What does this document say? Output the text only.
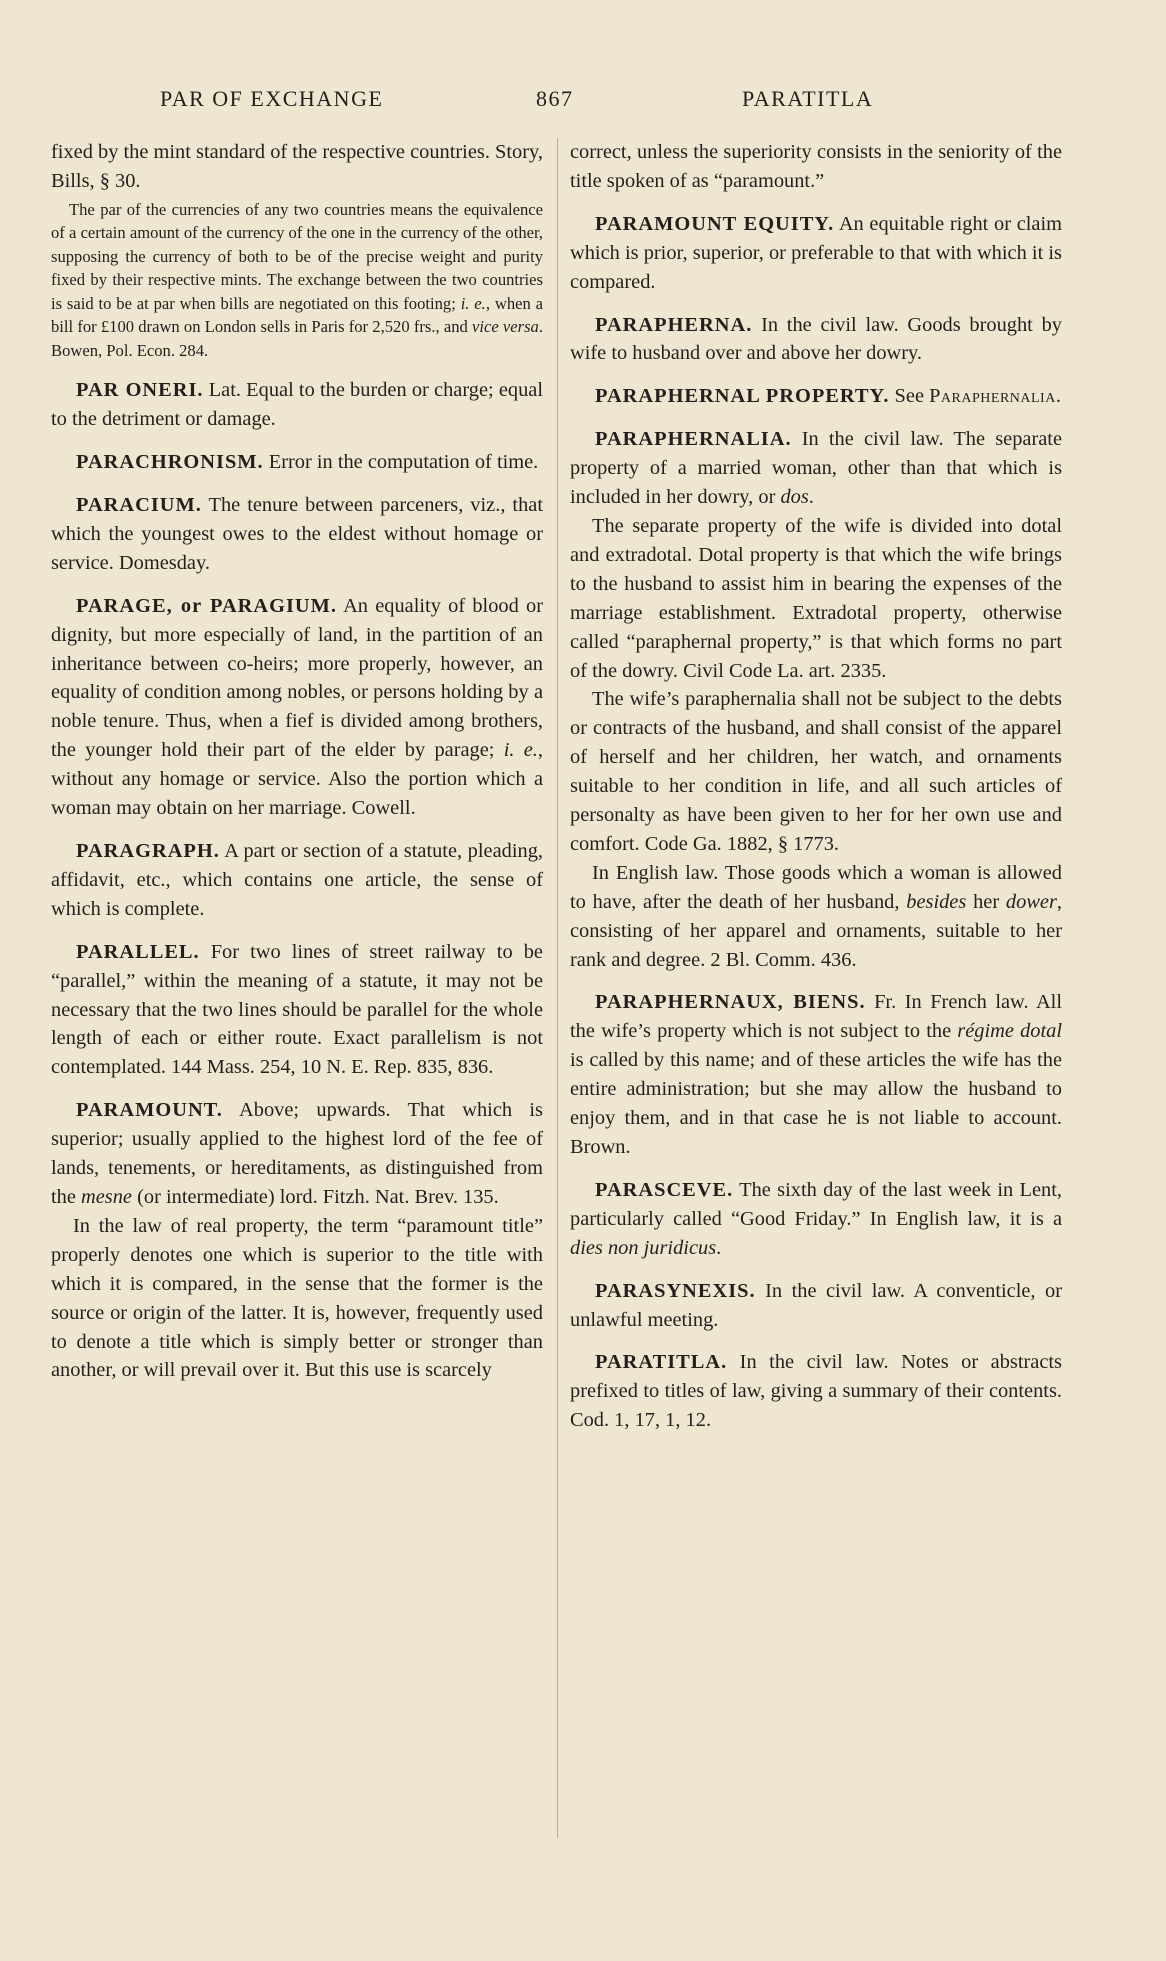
PAR OF EXCHANGE	867	PARATITLA

fixed by the mint standard of the respective countries. Story, Bills, § 30.

The par of the currencies of any two countries means the equivalence of a certain amount of the currency of the one in the currency of the other, supposing the currency of both to be of the precise weight and purity fixed by their respective mints. The exchange between the two countries is said to be at par when bills are negotiated on this footing; i. e., when a bill for £100 drawn on London sells in Paris for 2,520 frs., and vice versa. Bowen, Pol. Econ. 284.

PAR ONERI. Lat. Equal to the burden or charge; equal to the detriment or damage.

PARACHRONISM. Error in the computation of time.

PARACIUM. The tenure between parceners, viz., that which the youngest owes to the eldest without homage or service. Domesday.

PARAGE, or PARAGIUM. An equality of blood or dignity, but more especially of land, in the partition of an inheritance between co-heirs; more properly, however, an equality of condition among nobles, or persons holding by a noble tenure. Thus, when a fief is divided among brothers, the younger hold their part of the elder by parage; i. e., without any homage or service. Also the portion which a woman may obtain on her marriage. Cowell.

PARAGRAPH. A part or section of a statute, pleading, affidavit, etc., which contains one article, the sense of which is complete.

PARALLEL. For two lines of street railway to be “parallel,” within the meaning of a statute, it may not be necessary that the two lines should be parallel for the whole length of each or either route. Exact parallelism is not contemplated. 144 Mass. 254, 10 N. E. Rep. 835, 836.

PARAMOUNT. Above; upwards. That which is superior; usually applied to the highest lord of the fee of lands, tenements, or hereditaments, as distinguished from the mesne (or intermediate) lord. Fitzh. Nat. Brev. 135.

In the law of real property, the term “paramount title” properly denotes one which is superior to the title with which it is compared, in the sense that the former is the source or origin of the latter. It is, however, frequently used to denote a title which is simply better or stronger than another, or will prevail over it. But this use is scarcely

correct, unless the superiority consists in the seniority of the title spoken of as “paramount.”

PARAMOUNT EQUITY. An equitable right or claim which is prior, superior, or preferable to that with which it is compared.

PARAPHERNA. In the civil law. Goods brought by wife to husband over and above her dowry.

PARAPHERNAL PROPERTY. See Paraphernalia.

PARAPHERNALIA. In the civil law. The separate property of a married woman, other than that which is included in her dowry, or dos.

The separate property of the wife is divided into dotal and extradotal. Dotal property is that which the wife brings to the husband to assist him in bearing the expenses of the marriage establishment. Extradotal property, otherwise called “paraphernal property,” is that which forms no part of the dowry. Civil Code La. art. 2335.

The wife’s paraphernalia shall not be subject to the debts or contracts of the husband, and shall consist of the apparel of herself and her children, her watch, and ornaments suitable to her condition in life, and all such articles of personalty as have been given to her for her own use and comfort. Code Ga. 1882, § 1773.

In English law. Those goods which a woman is allowed to have, after the death of her husband, besides her dower, consisting of her apparel and ornaments, suitable to her rank and degree. 2 Bl. Comm. 436.

PARAPHERNAUX, BIENS. Fr. In French law. All the wife’s property which is not subject to the régime dotal is called by this name; and of these articles the wife has the entire administration; but she may allow the husband to enjoy them, and in that case he is not liable to account. Brown.

PARASCEVE. The sixth day of the last week in Lent, particularly called “Good Friday.” In English law, it is a dies non juridicus.

PARASYNEXIS. In the civil law. A conventicle, or unlawful meeting.

PARATITLA. In the civil law. Notes or abstracts prefixed to titles of law, giving a summary of their contents. Cod. 1, 17, 1, 12.
